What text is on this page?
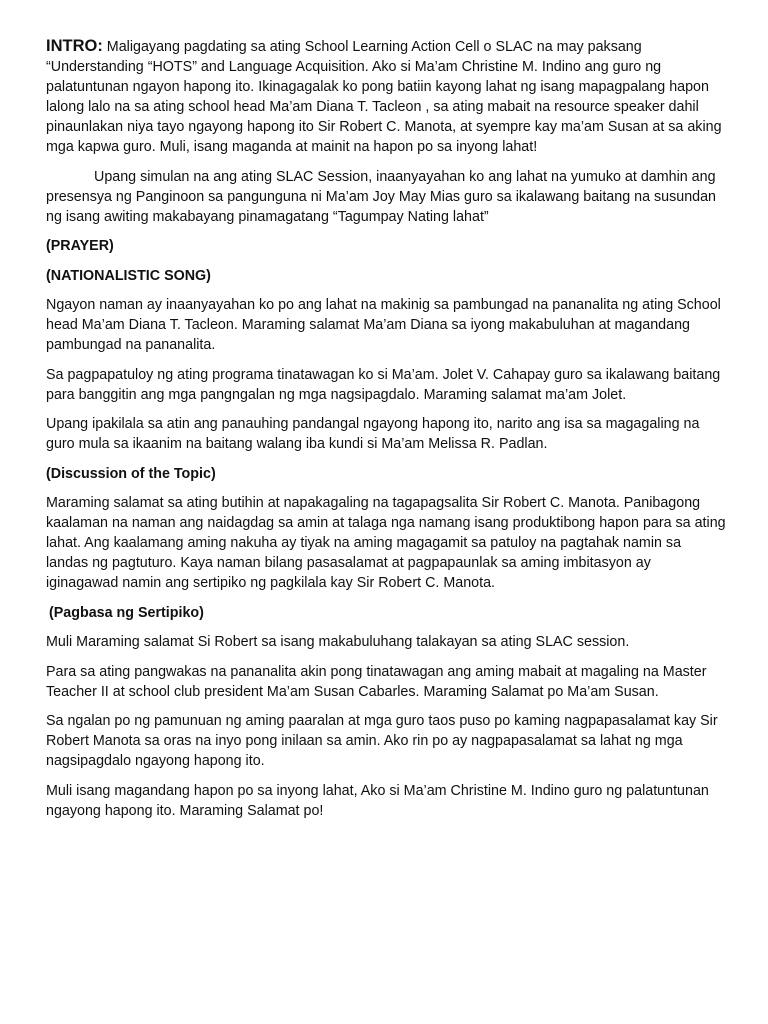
INTRO: Maligayang pagdating sa ating School Learning Action Cell o SLAC na may paksang “Understanding “HOTS” and Language Acquisition. Ako si Ma’am Christine M. Indino ang guro ng palatuntunan ngayon hapong ito. Ikinagagalak ko pong batiin kayong lahat ng isang mapagpalang hapon lalong lalo na sa ating school head Ma’am Diana T. Tacleon , sa ating mabait na resource speaker dahil pinaunlakan niya tayo ngayong hapong ito Sir Robert C. Manota, at syempre kay ma’am Susan at sa aking mga kapwa guro. Muli, isang maganda at mainit na hapon po sa inyong lahat!

Upang simulan na ang ating SLAC Session, inaanyayahan ko ang lahat na yumuko at damhin ang presensya ng Panginoon sa pangunguna ni Ma’am Joy May Mias guro sa ikalawang baitang na susundan ng isang awiting makabayang pinamagatang “Tagumpay Nating lahat”

(PRAYER)

(NATIONALISTIC SONG)

Ngayon naman ay inaanyayahan ko po ang lahat na makinig sa pambungad na pananalita ng ating School head Ma’am Diana T. Tacleon. Maraming salamat Ma’am Diana sa iyong makabuluhan at magandang pambungad na pananalita.

Sa pagpapatuloy ng ating programa tinatawagan ko si Ma’am. Jolet V. Cahapay guro sa ikalawang baitang para banggitin ang mga pangngalan ng mga nagsipagdalo. Maraming salamat ma’am Jolet.

Upang ipakilala sa atin ang panauhing pandangal ngayong hapong ito, narito ang isa sa magagaling na guro mula sa ikaanim na baitang walang iba kundi si Ma’am Melissa R. Padlan.

(Discussion of the Topic)

Maraming salamat sa ating butihin at napakagaling na tagapagsalita Sir Robert C. Manota. Panibagong kaalaman na naman ang naidagdag sa amin at talaga nga namang isang produktibong hapon para sa ating lahat. Ang kaalamang aming nakuha ay tiyak na aming magagamit sa patuloy na pagtahak namin sa landas ng pagtuturo. Kaya naman bilang pasasalamat at pagpapaunlak sa aming imbitasyon ay iginagawad namin ang sertipiko ng pagkilala kay Sir Robert C. Manota.

(Pagbasa ng Sertipiko)

Muli Maraming salamat Si Robert sa isang makabuluhang talakayan sa ating SLAC session.

Para sa ating pangwakas na pananalita akin pong tinatawagan ang aming mabait at magaling na Master Teacher II at school club president Ma’am Susan Cabarles. Maraming Salamat po Ma’am Susan.

Sa ngalan po ng pamunuan ng aming paaralan at mga guro taos puso po kaming nagpapasalamat kay Sir Robert Manota sa oras na inyo pong inilaan sa amin. Ako rin po ay nagpapasalamat sa lahat ng mga nagsipagdalo ngayong hapong ito.

Muli isang magandang hapon po sa inyong lahat, Ako si Ma’am Christine M. Indino guro ng palatuntunan ngayong hapong ito. Maraming Salamat po!
